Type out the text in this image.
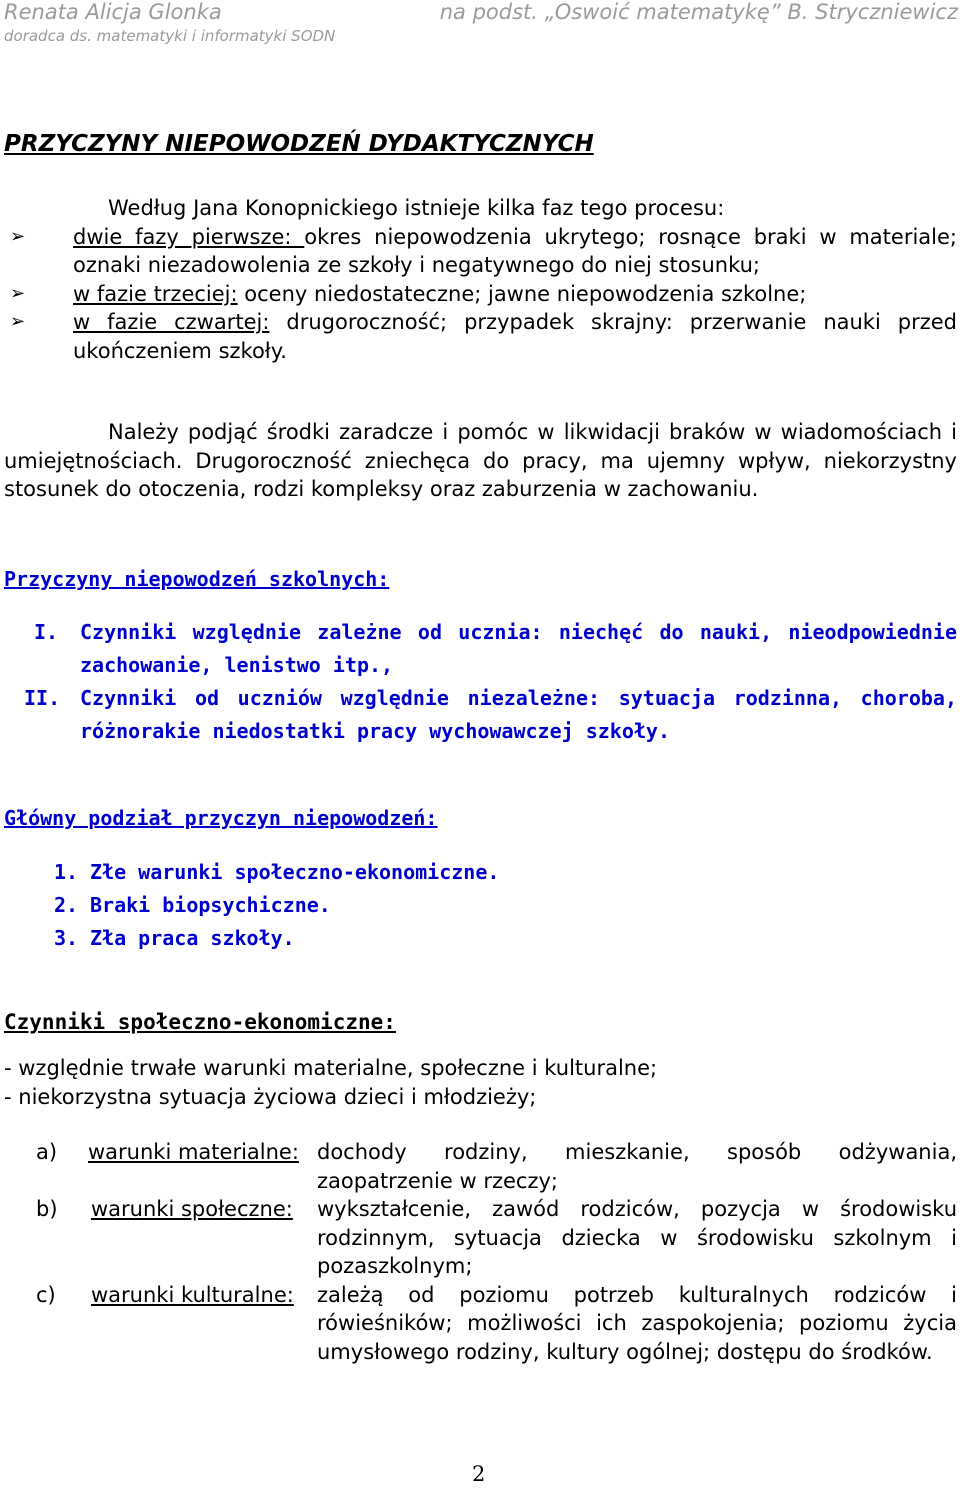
Renata Alicja Glonka	na podst. „Oswoić matematykę” B. Strycz‌niewicz
doradca ds. matematyki i informatyki SODN
PRZYCZYNY NIEPOWODZEŃ DYDAKTYCZNYCH
Według Jana Konopnickiego istnieje kilka faz tego procesu:
➢ dwie fazy pierwsze: okres niepowodzenia ukrytego; rosnące braki w materiale; oznaki niezadowolenia ze szkoły i negatywnego do niej stosunku;
➢ w fazie trzeciej: oceny niedostateczne; jawne niepowodzenia szkolne;
➢ w fazie czwartej: drugoroczność; przypadek skrajny: przerwanie nauki przed ukończeniem szkoły.
Należy podjąć środki zaradcze i pomóc w likwidacji braków w wiadomościach i umiejętnościach. Drugoroczność zniechęca do pracy, ma ujemny wpływ, niekorzystny stosunek do otoczenia, rodzi kompleksy oraz zaburzenia w zachowaniu.
Przyczyny niepowodzeń szkolnych:
I. Czynniki względnie zależne od ucznia: niechęć do nauki, nieodpowiednie zachowanie, lenistwo itp.,
II. Czynniki od uczniów względnie niezależne: sytuacja rodzinna, choroba, różnorakie niedostatki pracy wychowawczej szkoły.
Główny podział przyczyn niepowodzeń:
1. Złe warunki społeczno-ekonomiczne.
2. Braki biopsychiczne.
3. Zła praca szkoły.
Czynniki społeczno-ekonomiczne:
- względnie trwałe warunki materialne, społeczne i kulturalne;
- niekorzystna sytuacja życiowa dzieci i młodzieży;
a) warunki materialne: dochody rodziny, mieszkanie, sposób odżywania, zaopatrzenie w rzeczy;
b) warunki społeczne:	wykształcenie, zawód rodziców, pozycja w środowisku rodzinnym, sytuacja dziecka w środowisku szkolnym i pozaszkolnym;
c) warunki kulturalne:	zależą od poziomu potrzeb kulturalnych rodziców i rówieśników; możliwości ich zaspokojenia; poziomu życia umysłowego rodziny, kultury ogólnej; dostępu do środków.
2
